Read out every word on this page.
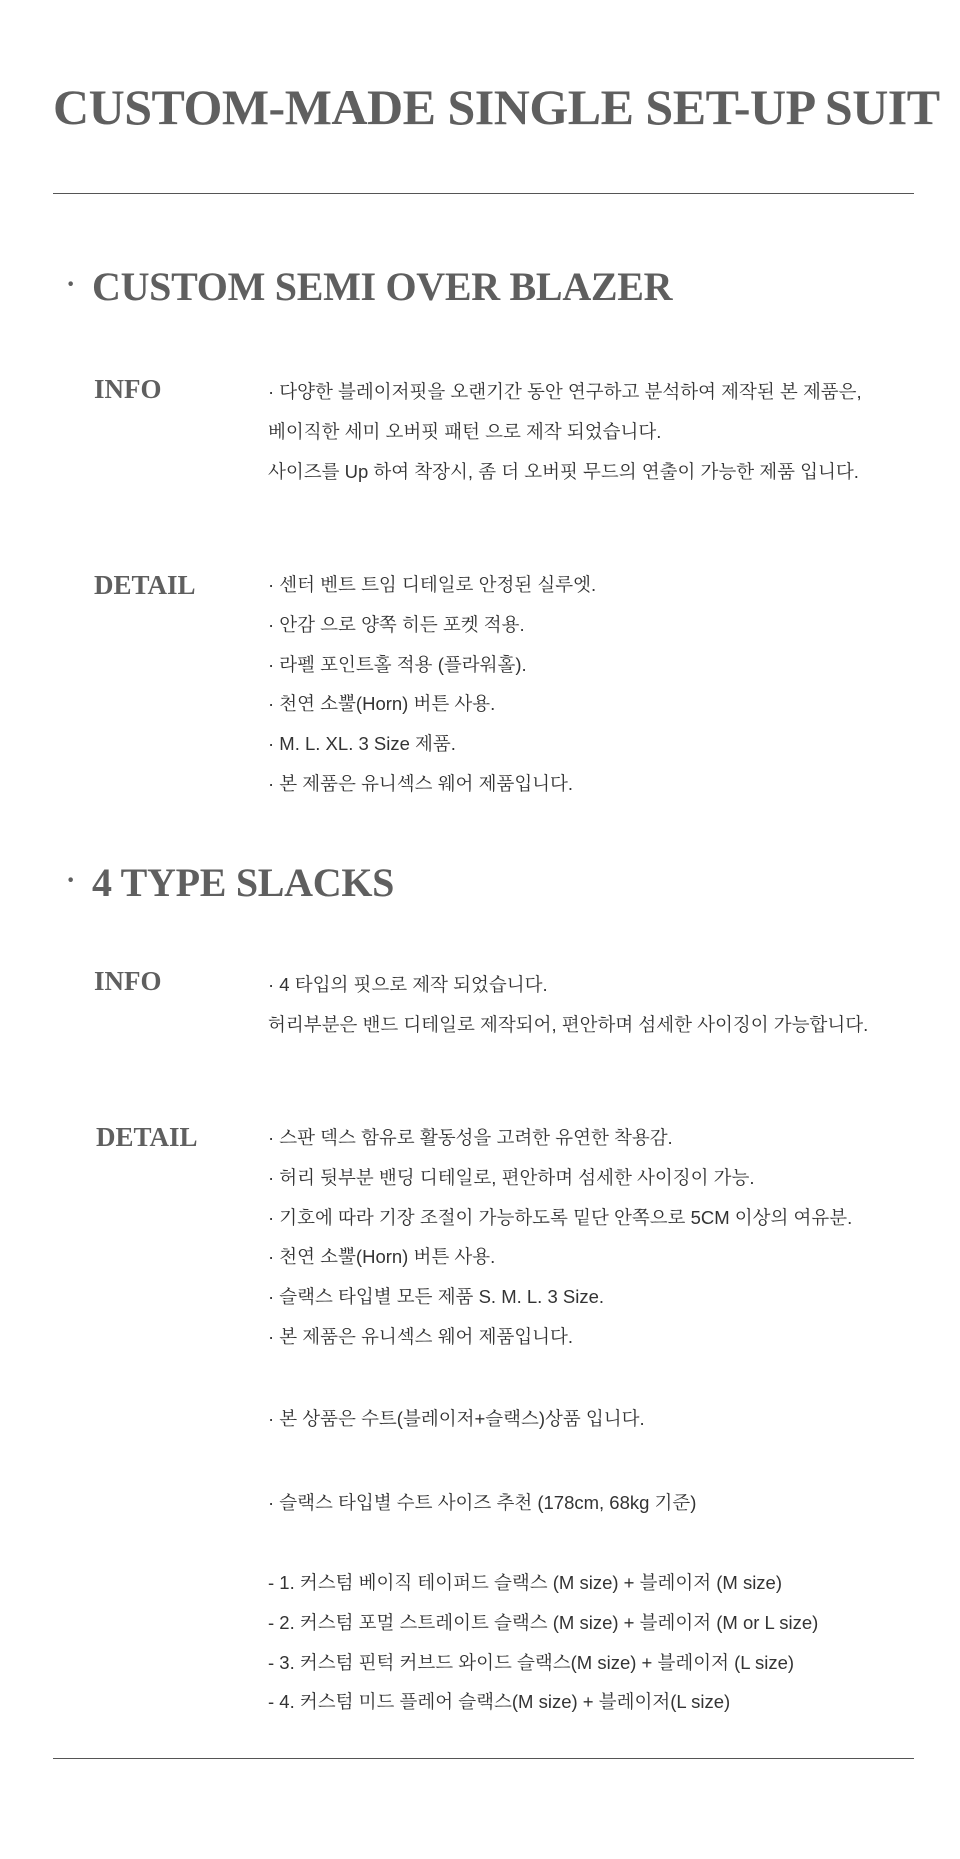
CUSTOM-MADE SINGLE SET-UP SUIT
· CUSTOM SEMI OVER BLAZER
INFO	· 다양한 블레이저핏을 오랜기간 동안 연구하고 분석하여 제작된 본 제품은,
베이직한 세미 오버핏 패턴 으로 제작 되었습니다.
사이즈를 Up 하여 착장시, 좀 더 오버핏 무드의 연출이 가능한 제품 입니다.
DETAIL	· 센터 벤트 트임 디테일로 안정된 실루엣.
· 안감 으로 양쪽 히든 포켓 적용.
· 라펠 포인트홀 적용 (플라워홀).
· 천연 소뿔(Horn) 버튼 사용.
· M. L. XL. 3 Size 제품.
· 본 제품은 유니섹스 웨어 제품입니다.
· 4 TYPE SLACKS
INFO	· 4 타입의 핏으로 제작 되었습니다.
허리부분은 밴드 디테일로 제작되어, 편안하며 섬세한 사이징이 가능합니다.
DETAIL	· 스판 덱스 함유로 활동성을 고려한 유연한 착용감.
· 허리 뒷부분 밴딩 디테일로, 편안하며 섬세한 사이징이 가능.
· 기호에 따라 기장 조절이 가능하도록 밑단 안쪽으로 5CM 이상의 여유분.
· 천연 소뿔(Horn) 버튼 사용.
· 슬랙스 타입별 모든 제품 S. M. L. 3 Size.
· 본 제품은 유니섹스 웨어 제품입니다.
· 본 상품은 수트(블레이저+슬랙스)상품 입니다.
· 슬랙스 타입별 수트 사이즈 추천 (178cm, 68kg 기준)
- 1. 커스텀 베이직 테이퍼드 슬랙스 (M size) + 블레이저 (M size)
- 2. 커스텀 포멀 스트레이트 슬랙스 (M size) + 블레이저 (M or L size)
- 3. 커스텀 핀턱 커브드 와이드 슬랙스(M size) + 블레이저 (L size)
- 4. 커스텀 미드 플레어 슬랙스(M size) + 블레이저(L size)
